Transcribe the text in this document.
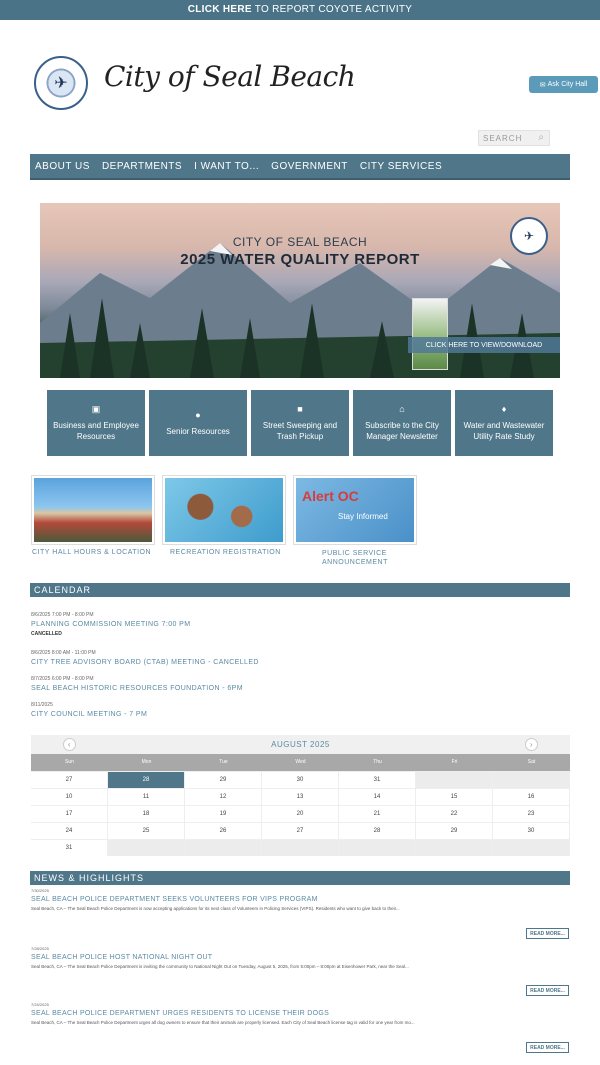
CLICK HERE TO REPORT COYOTE ACTIVITY
✈	City of Seal Beach	✉ Ask City Hall
SEARCH ⌕
ABOUT US DEPARTMENTS I WANT TO... GOVERNMENT CITY SERVICES
CITY OF SEAL BEACH
2025 WATER QUALITY REPORT
✈
CLICK HERE TO VIEW/DOWNLOAD
▣
Business and Employee Resources
●
Senior Resources
■
Street Sweeping and Trash Pickup
⌂
Subscribe to the City Manager Newsletter
♦
Water and Wastewater Utility Rate Study
CITY HALL HOURS & LOCATION	RECREATION REGISTRATION
Alert OC
Stay Informed
PUBLIC SERVICE ANNOUNCEMENT
CALENDAR
8/6/2025 7:00 PM - 8:00 PM
PLANNING COMMISSION MEETING 7:00 PM
CANCELLED
8/6/2025 8:00 AM - 11:00 PM
CITY TREE ADVISORY BOARD (CTAB) MEETING - CANCELLED
8/7/2025 6:00 PM - 8:00 PM
SEAL BEACH HISTORIC RESOURCES FOUNDATION - 6PM
8/11/2025
CITY COUNCIL MEETING - 7 PM
‹	AUGUST 2025	›
Sun	Mon	Tue	Wed	Thu	Fri	Sat
27	28	29	30	31
10	11	12	13	14	15	16
17	18	19	20	21	22	23
24	25	26	27	28	29	30
31
NEWS & HIGHLIGHTS
7/30/2025
SEAL BEACH POLICE DEPARTMENT SEEKS VOLUNTEERS FOR VIPS PROGRAM
Seal Beach, CA – The Seal Beach Police Department is now accepting applications for its next class of Volunteers in Policing Services (VIPS). Residents who want to give back to their...
READ MORE...
7/28/2025
SEAL BEACH POLICE HOST NATIONAL NIGHT OUT
Seal Beach, CA – The Seal Beach Police Department is inviting the community to National Night Out on Tuesday, August 5, 2025, from 5:00pm – 8:00pm at Eisenhower Park, near the Seal...
READ MORE...
7/24/2025
SEAL BEACH POLICE DEPARTMENT URGES RESIDENTS TO LICENSE THEIR DOGS
Seal Beach, CA – The Seal Beach Police Department urges all dog owners to ensure that their animals are properly licensed. Each City of Seal Beach license tag is valid for one year from mo...
READ MORE...
